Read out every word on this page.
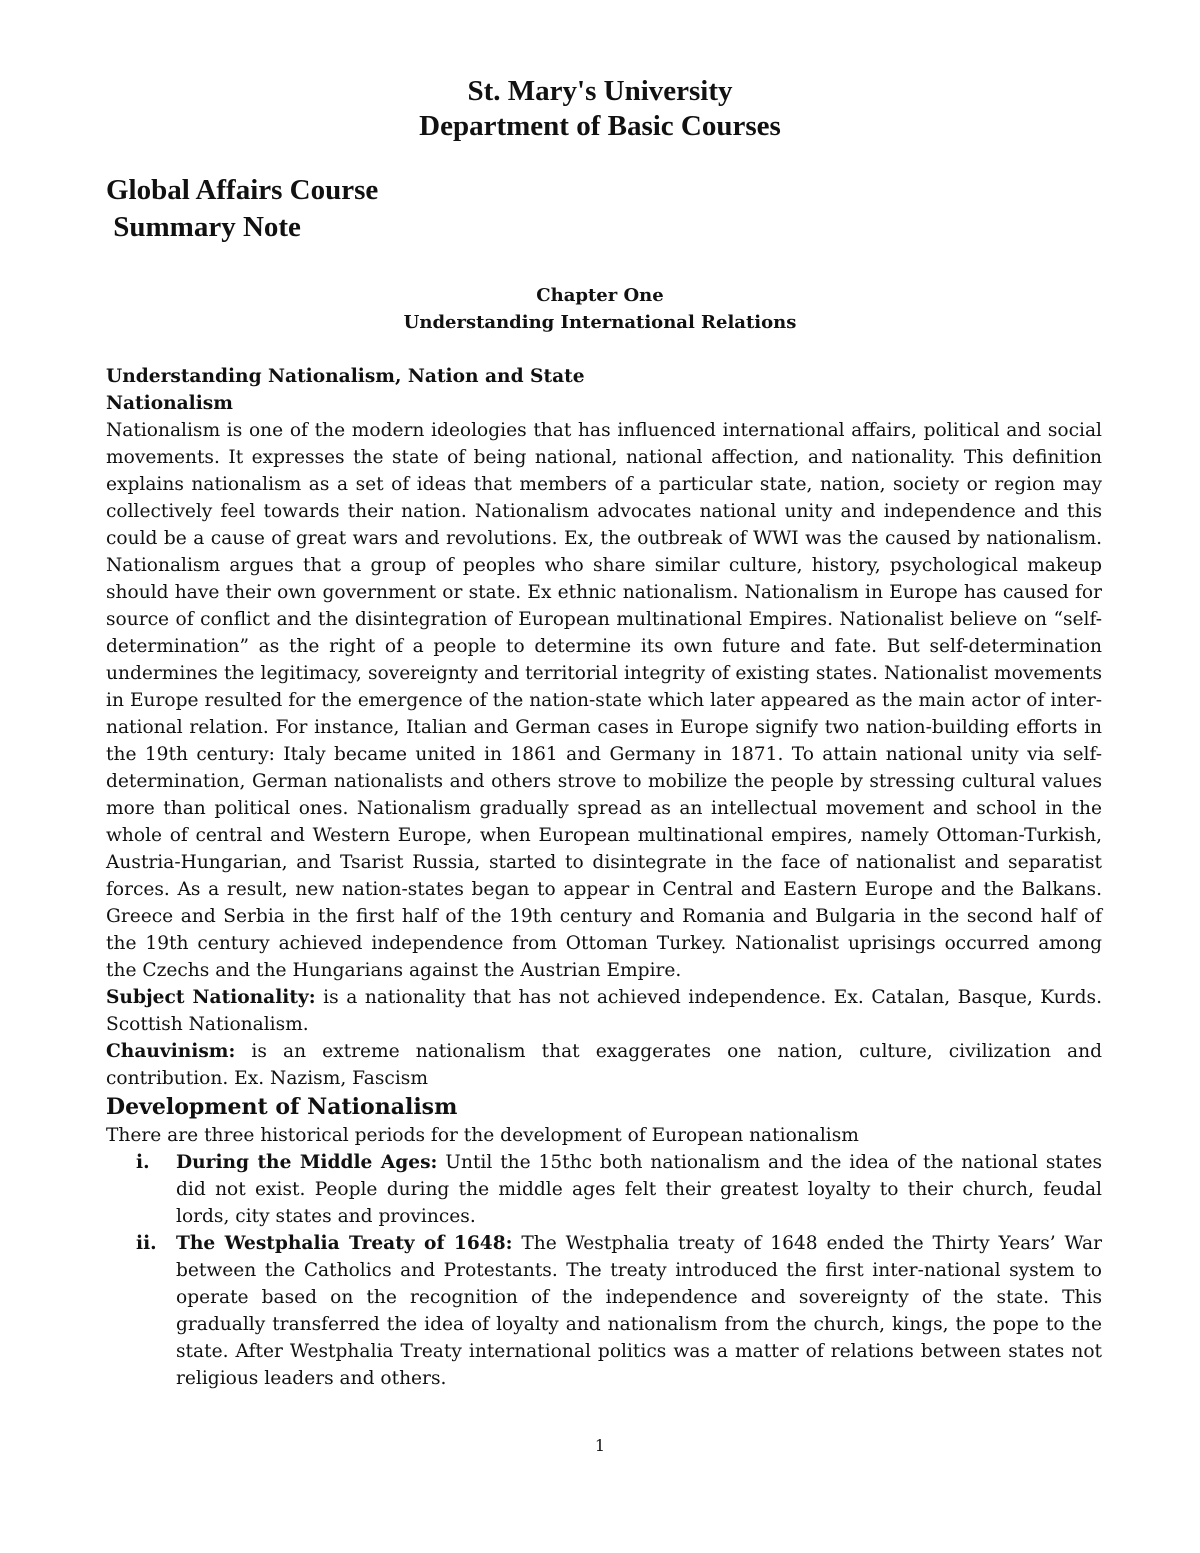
St. Mary's University
Department of Basic Courses
Global Affairs Course
Summary Note
Chapter One
Understanding International Relations

Understanding Nationalism, Nation and State

Nationalism

Nationalism is one of the modern ideologies that has influenced international affairs, political and social movements. It expresses the state of being national, national affection, and nationality. This definition explains nationalism as a set of ideas that members of a particular state, nation, society or region may collectively feel towards their nation. Nationalism advocates national unity and independence and this could be a cause of great wars and revolutions. Ex, the outbreak of WWI was the caused by nationalism. Nationalism argues that a group of peoples who share similar culture, history, psychological makeup should have their own government or state. Ex ethnic nationalism. Nationalism in Europe has caused for source of conflict and the disintegration of European multinational Empires. Nationalist believe on “self-determination” as the right of a people to determine its own future and fate. But self-determination undermines the legitimacy, sovereignty and territorial integrity of existing states. Nationalist movements in Europe resulted for the emergence of the nation-state which later appeared as the main actor of inter-national relation. For instance, Italian and German cases in Europe signify two nation-building efforts in the 19th century: Italy became united in 1861 and Germany in 1871. To attain national unity via self-determination, German nationalists and others strove to mobilize the people by stressing cultural values more than political ones. Nationalism gradually spread as an intellectual movement and school in the whole of central and Western Europe, when European multinational empires, namely Ottoman-Turkish, Austria-Hungarian, and Tsarist Russia, started to disintegrate in the face of nationalist and separatist forces. As a result, new nation-states began to appear in Central and Eastern Europe and the Balkans. Greece and Serbia in the first half of the 19th century and Romania and Bulgaria in the second half of the 19th century achieved independence from Ottoman Turkey. Nationalist uprisings occurred among the Czechs and the Hungarians against the Austrian Empire.

Subject Nationality: is a nationality that has not achieved independence. Ex. Catalan, Basque, Kurds. Scottish Nationalism.

Chauvinism: is an extreme nationalism that exaggerates one nation, culture, civilization and contribution. Ex. Nazism, Fascism

Development of Nationalism

There are three historical periods for the development of European nationalism

i.	During the Middle Ages: Until the 15thc both nationalism and the idea of the national states did not exist. People during the middle ages felt their greatest loyalty to their church, feudal lords, city states and provinces.
ii.	The Westphalia Treaty of 1648: The Westphalia treaty of 1648 ended the Thirty Years’ War between the Catholics and Protestants. The treaty introduced the first inter-national system to operate based on the recognition of the independence and sovereignty of the state. This gradually transferred the idea of loyalty and nationalism from the church, kings, the pope to the state. After Westphalia Treaty international politics was a matter of relations between states not religious leaders and others.
1
